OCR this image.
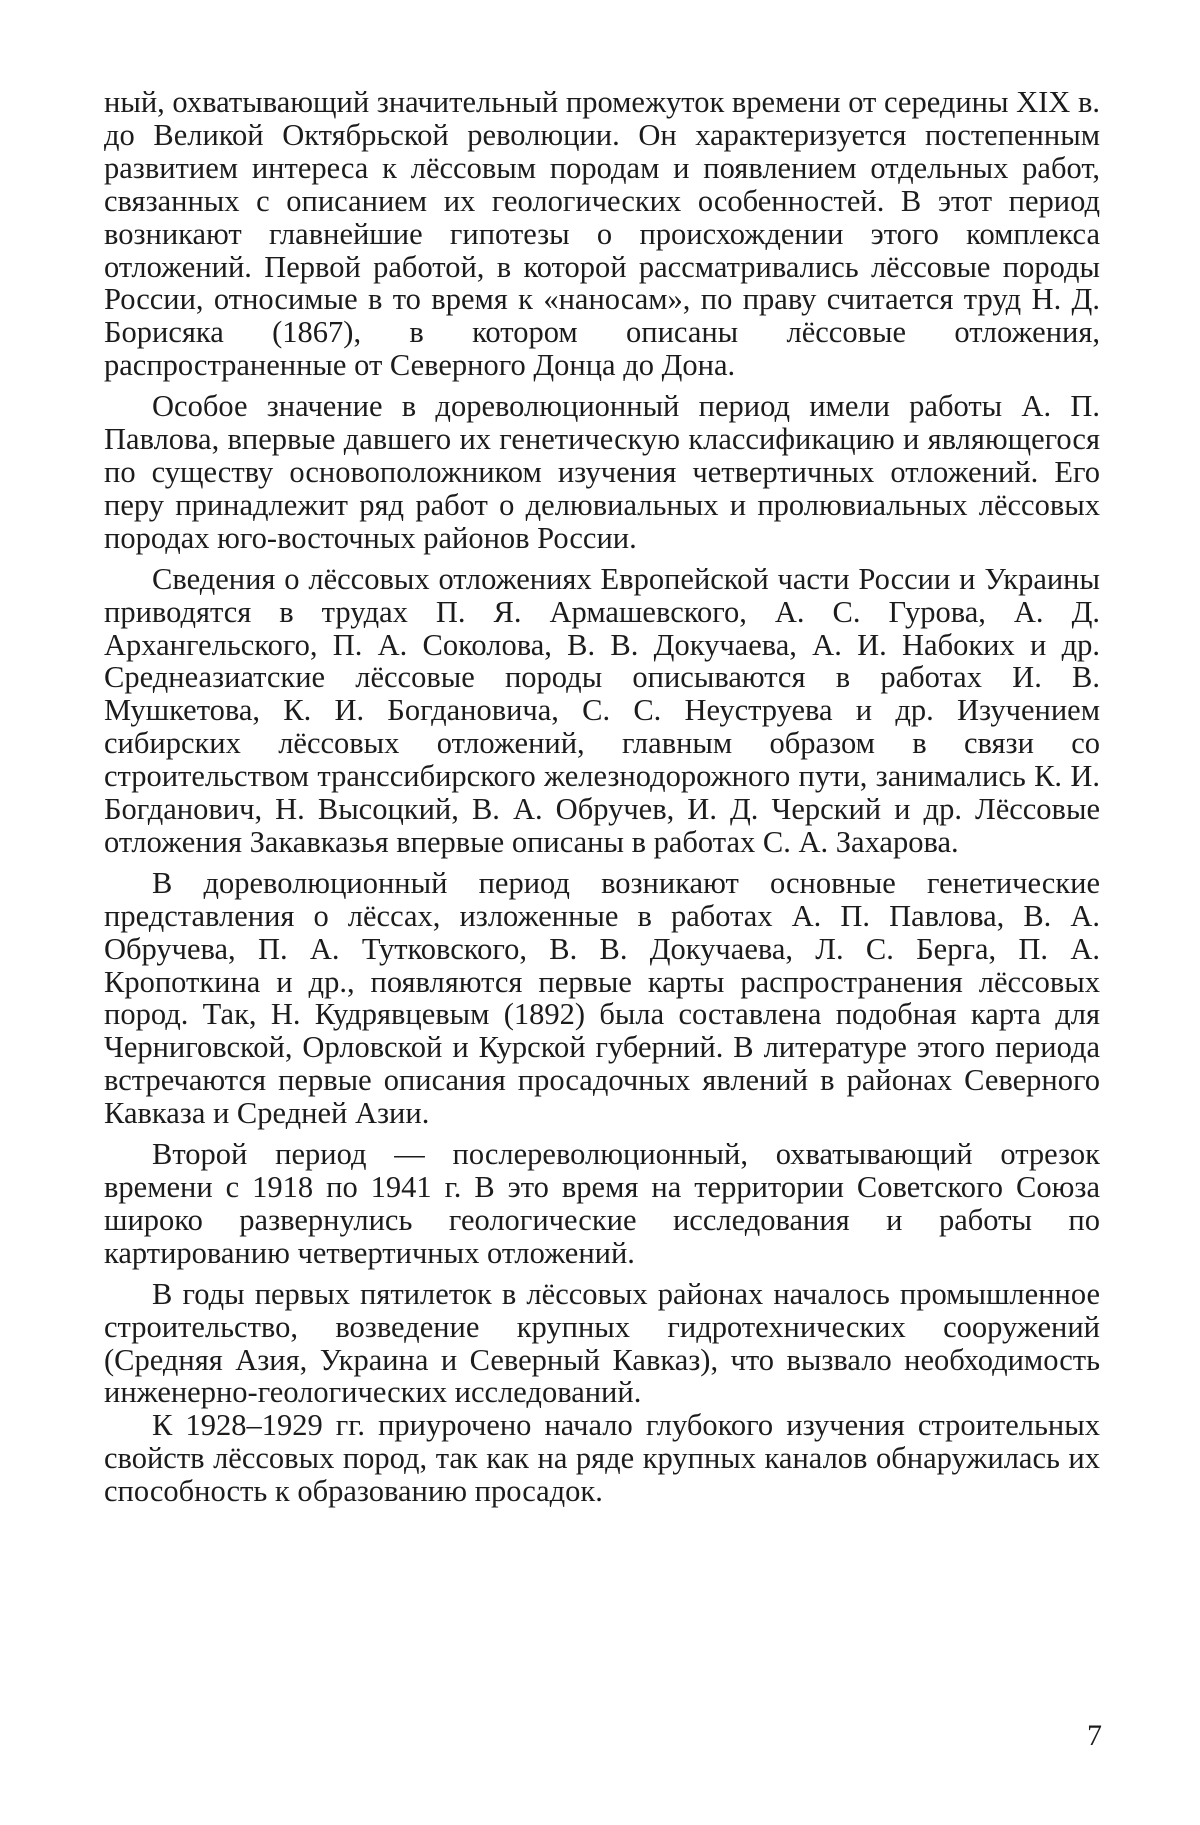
ный, охватывающий значительный промежуток времени от середины XIX в. до Великой Октябрьской революции. Он характеризуется постепенным развитием интереса к лёссовым породам и появлением отдельных работ, связанных с описанием их геологических особенностей. В этот период возникают главнейшие гипотезы о происхождении этого комплекса отложений. Первой работой, в которой рассматривались лёссовые породы России, относимые в то время к «наносам», по праву считается труд Н. Д. Борисяка (1867), в котором описаны лёссовые отложения, распространенные от Северного Донца до Дона.

Особое значение в дореволюционный период имели работы А. П. Павлова, впервые давшего их генетическую классификацию и являющегося по существу основоположником изучения четвертичных отложений. Его перу принадлежит ряд работ о делювиальных и пролювиальных лёссовых породах юго-восточных районов России.

Сведения о лёссовых отложениях Европейской части России и Украины приводятся в трудах П. Я. Армашевского, А. С. Гурова, А. Д. Архангельского, П. А. Соколова, В. В. Докучаева, А. И. Набоких и др. Среднеазиатские лёссовые породы описываются в работах И. В. Мушкетова, К. И. Богдановича, С. С. Неуструева и др. Изучением сибирских лёссовых отложений, главным образом в связи со строительством транссибирского железнодорожного пути, занимались К. И. Богданович, Н. Высоцкий, В. А. Обручев, И. Д. Черский и др. Лёссовые отложения Закавказья впервые описаны в работах С. А. Захарова.

В дореволюционный период возникают основные генетические представления о лёссах, изложенные в работах А. П. Павлова, В. А. Обручева, П. А. Тутковского, В. В. Докучаева, Л. С. Берга, П. А. Кропоткина и др., появляются первые карты распространения лёссовых пород. Так, Н. Кудрявцевым (1892) была составлена подобная карта для Черниговской, Орловской и Курской губерний. В литературе этого периода встречаются первые описания просадочных явлений в районах Северного Кавказа и Средней Азии.

Второй период — послереволюционный, охватывающий отрезок времени с 1918 по 1941 г. В это время на территории Советского Союза широко развернулись геологические исследования и работы по картированию четвертичных отложений.

В годы первых пятилеток в лёссовых районах началось промышленное строительство, возведение крупных гидротехнических сооружений (Средняя Азия, Украина и Северный Кавказ), что вызвало необходимость инженерно-геологических исследований.

К 1928–1929 гг. приурочено начало глубокого изучения строительных свойств лёссовых пород, так как на ряде крупных каналов обнаружилась их способность к образованию просадок.

7
